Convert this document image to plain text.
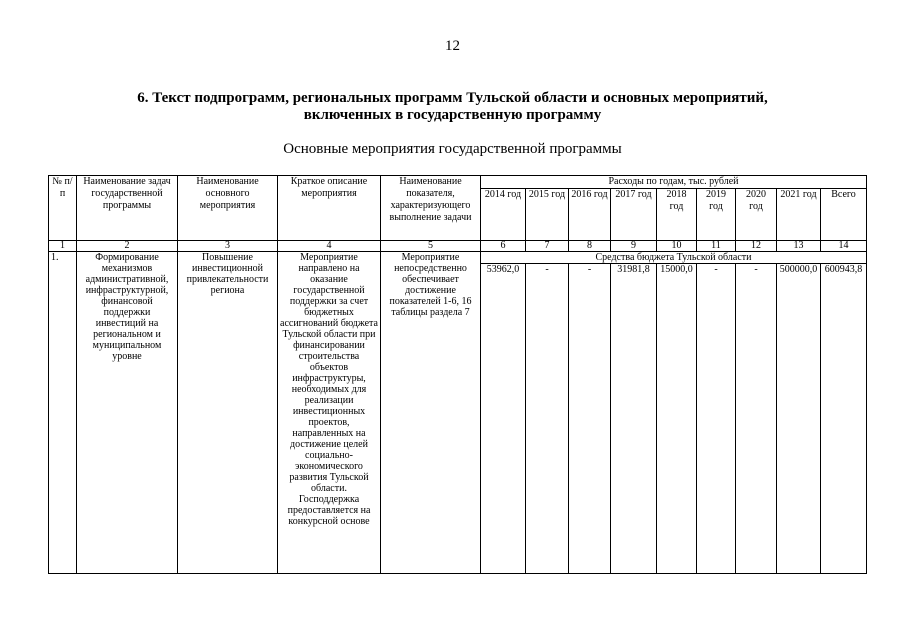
12
6. Текст подпрограмм, региональных программ Тульской области и основных мероприятий,
включенных в государственную программу
Основные мероприятия государственной программы
№ п/п	Наименование задач государственной программы	Наименование основного мероприятия	Краткое описание мероприятия	Наименование показателя, характеризующего выполнение задачи	Расходы по годам, тыс. рублей								
					2014 год	2015 год	2016 год	2017 год	2018 год	2019 год	2020 год	2021 год	Всего
1	2	3	4	5	6	7	8	9	10	11	12	13	14
1.	Формирование механизмов административной, инфраструктурной, финансовой поддержки инвестиций на региональном и муниципальном уровне	Повышение инвестиционной привлекательности региона	Мероприятие направлено на оказание государственной поддержки за счет бюджетных ассигнований бюджета Тульской области при финансировании строительства объектов инфраструктуры, необходимых для реализации инвестиционных проектов, направленных на достижение целей социально-экономического развития Тульской области. Господдержка предоставляется на конкурсной основе	Мероприятие непосредственно обеспечивает достижение показателей 1-6, 16 таблицы раздела 7	Средства бюджета Тульской области								
					53962,0	-	-	31981,8	15000,0	-	-	500000,0	600943,8
